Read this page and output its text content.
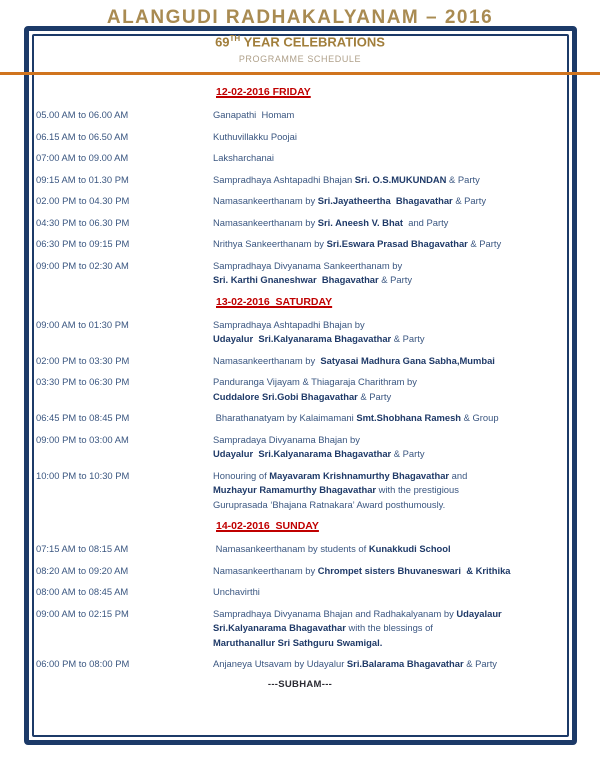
ALANGUDI RADHAKALYANAM – 2016
69TH YEAR CELEBRATIONS
PROGRAMME SCHEDULE
12-02-2016 FRIDAY
05.00 AM to 06.00 AM	Ganapathi  Homam
06.15 AM to 06.50 AM	Kuthuvillakku Poojai
07:00 AM to 09.00 AM	Laksharchanai
09:15 AM to 01.30 PM	Sampradhaya Ashtapadhi Bhajan Sri. O.S.MUKUNDAN & Party
02.00 PM to 04.30 PM	Namasankeerthanam by Sri.Jayatheertha  Bhagavathar & Party
04:30 PM to 06.30 PM	Namasankeerthanam by Sri. Aneesh V. Bhat  and Party
06:30 PM to 09:15 PM	Nrithya Sankeerthanam by Sri.Eswara Prasad Bhagavathar & Party
09:00 PM to 02:30 AM	Sampradhaya Divyanama Sankeerthanam by
Sri. Karthi Gnaneshwar  Bhagavathar & Party
13-02-2016  SATURDAY
09:00 AM to 01:30 PM	Sampradhaya Ashtapadhi Bhajan by
Udayalur  Sri.Kalyanarama Bhagavathar & Party
02:00 PM to 03:30 PM	Namasankeerthanam by  Satyasai Madhura Gana Sabha,Mumbai
03:30 PM to 06:30 PM	Panduranga Vijayam & Thiagaraja Charithram by
Cuddalore Sri.Gobi Bhagavathar & Party
06:45 PM to 08:45 PM	Bharathanatyam by Kalaimamani Smt.Shobhana Ramesh & Group
09:00 PM to 03:00 AM	Sampradaya Divyanama Bhajan by
Udayalur  Sri.Kalyanarama Bhagavathar & Party
10:00 PM to 10:30 PM	Honouring of Mayavaram Krishnamurthy Bhagavathar and
Muzhayur Ramamurthy Bhagavathar with the prestigious
Guruprasada ‘Bhajana Ratnakara’ Award posthumously.
14-02-2016  SUNDAY
07:15 AM to 08:15 AM	Namasankeerthanam by students of Kunakkudi School
08:20 AM to 09:20 AM	Namasankeerthanam by Chrompet sisters Bhuvaneswari  & Krithika
08:00 AM to 08:45 AM	Unchavirthi
09:00 AM to 02:15 PM	Sampradhaya Divyanama Bhajan and Radhakalyanam by Udayalaur
Sri.Kalyanarama Bhagavathar with the blessings of
Maruthanallur Sri Sathguru Swamigal.
06:00 PM to 08:00 PM	Anjaneya Utsavam by Udayalur Sri.Balarama Bhagavathar & Party
---SUBHAM---
